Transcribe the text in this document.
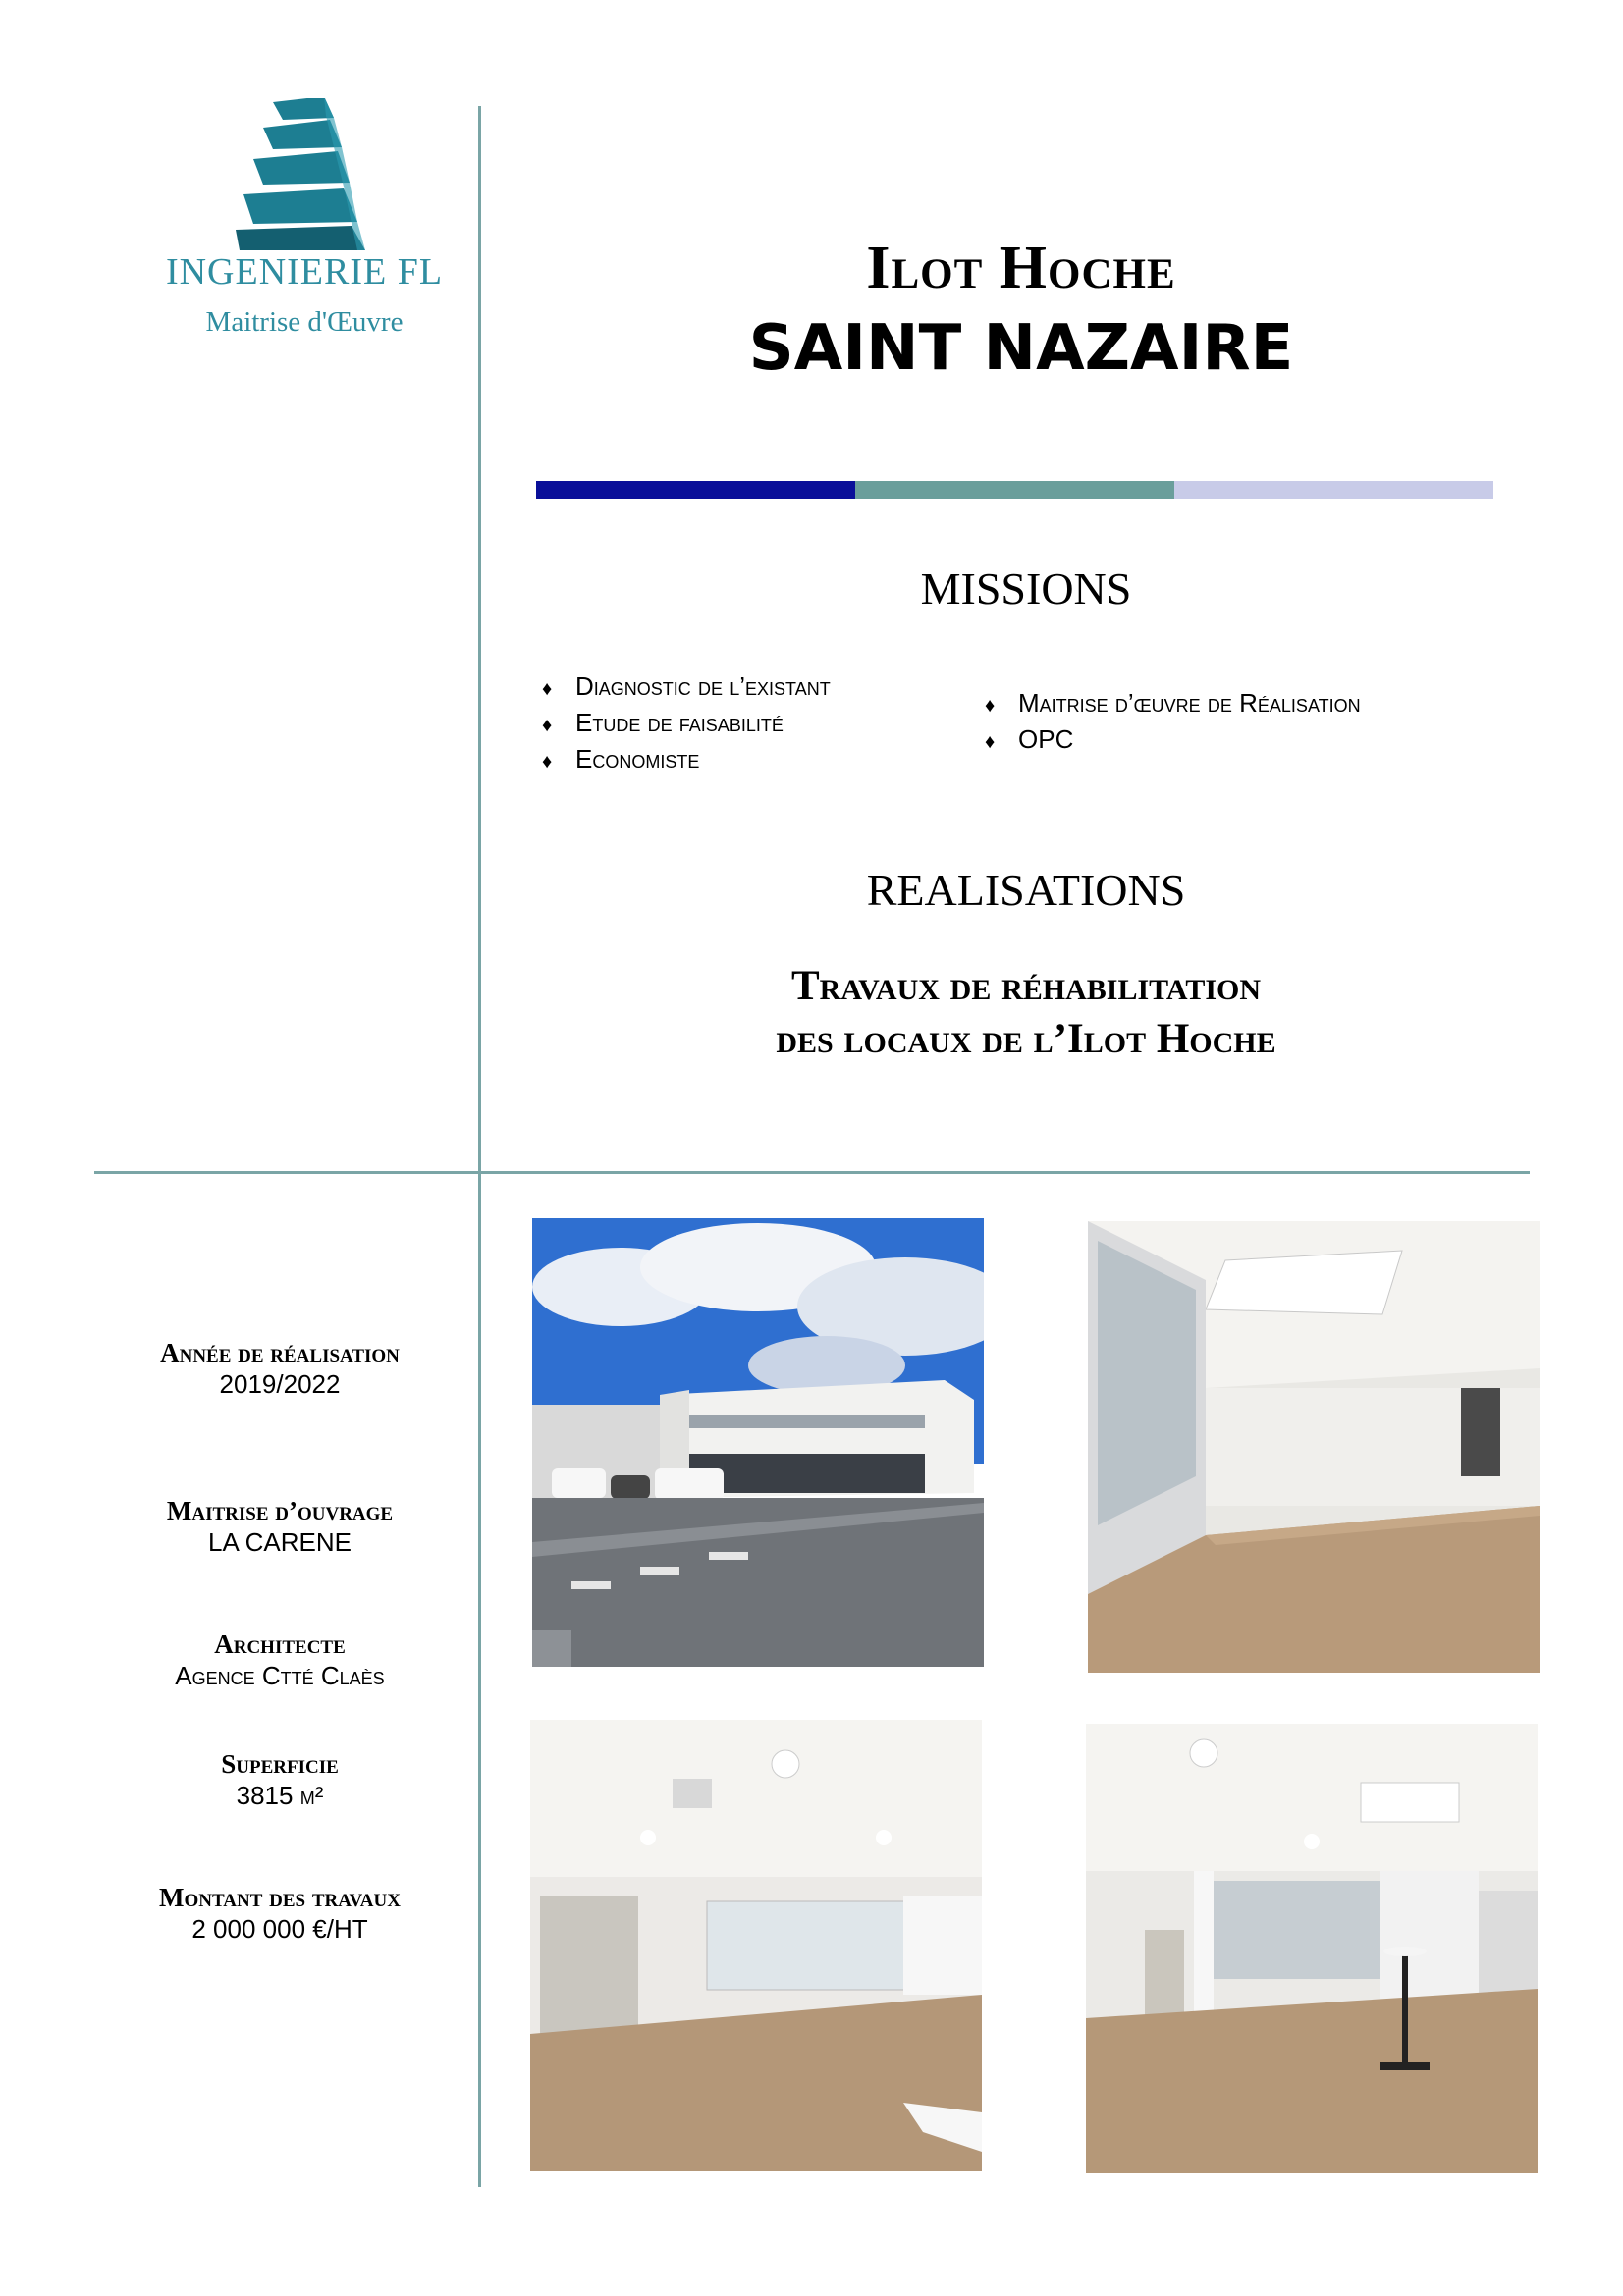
INGENIERIE FL
Maitrise d'Œuvre
Ilot Hoche
SAINT NAZAIRE
MISSIONS
♦ Diagnostic de l’existant
♦ Etude de faisabilité
♦ Economiste
♦ Maitrise d’œuvre de Réalisation
♦ OPC
REALISATIONS
Travaux de réhabilitation
des locaux de l’Ilot Hoche
Année de réalisation
2019/2022
Maitrise d’ouvrage
LA CARENE
Architecte
Agence Ctté Claès
Superficie
3815 m²
Montant des travaux
2 000 000 €/HT
